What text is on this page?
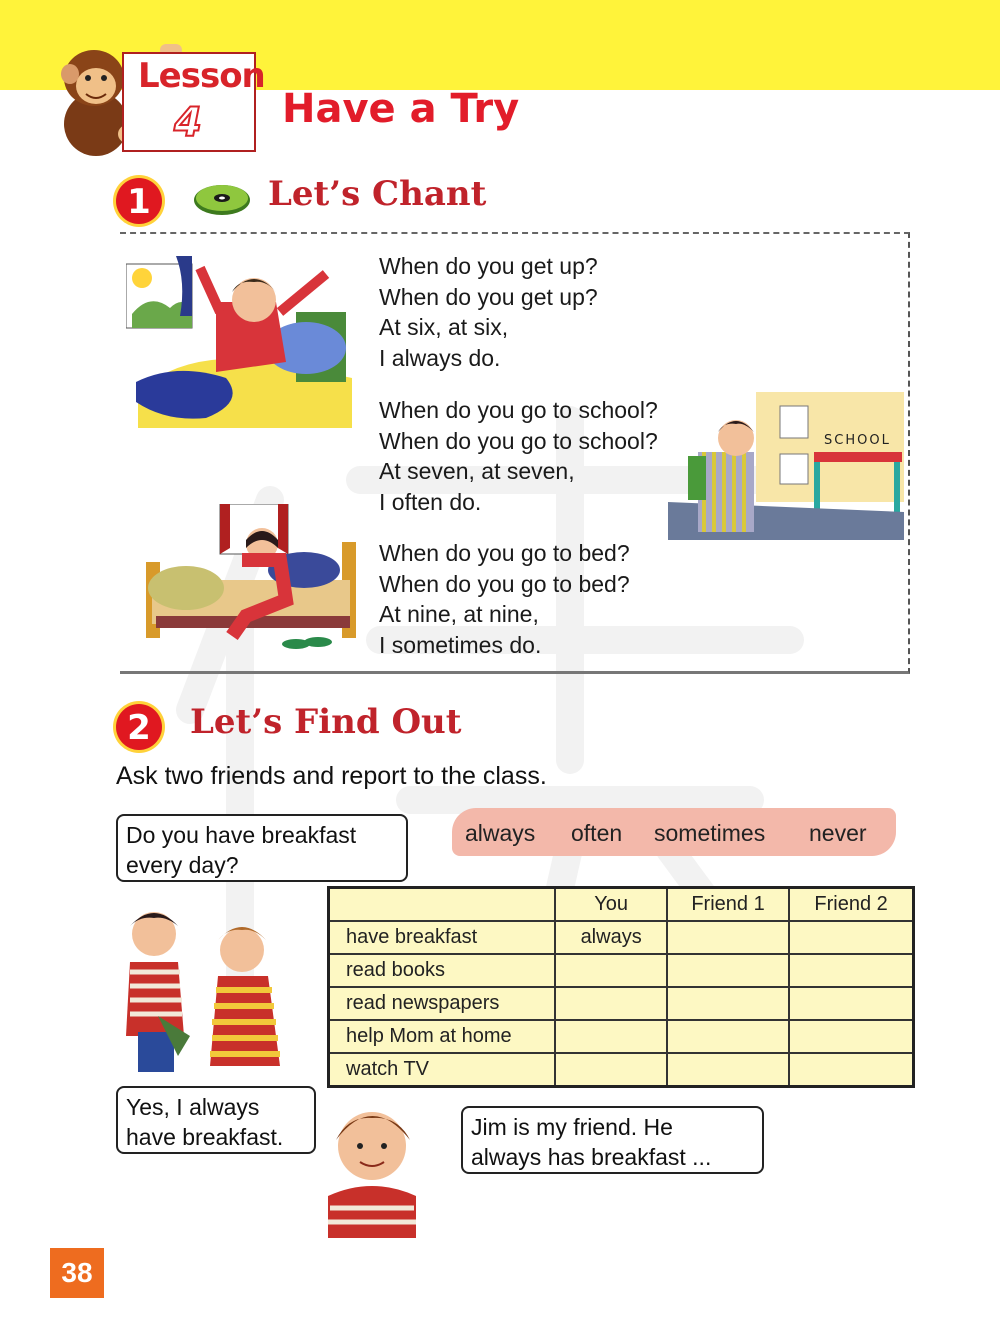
Lesson
4 Have a Try
1	Let’s Chant
SCHOOL
When do you get up?
When do you get up?
At six, at six,
I always do.
When do you go to school?
When do you go to school?
At seven, at seven,
I often do.
When do you go to bed?
When do you go to bed?
At nine, at nine,
I sometimes do.
2	Let’s Find Out
Ask two friends and report to the class.
Do you have breakfast
every day?
always often sometimes never
Yes, I always
have breakfast.
	You	Friend 1	Friend 2
have breakfast	always		
read books			
read newspapers			
help Mom at home			
watch TV			
Jim is my friend. He
always has breakfast ...
38
